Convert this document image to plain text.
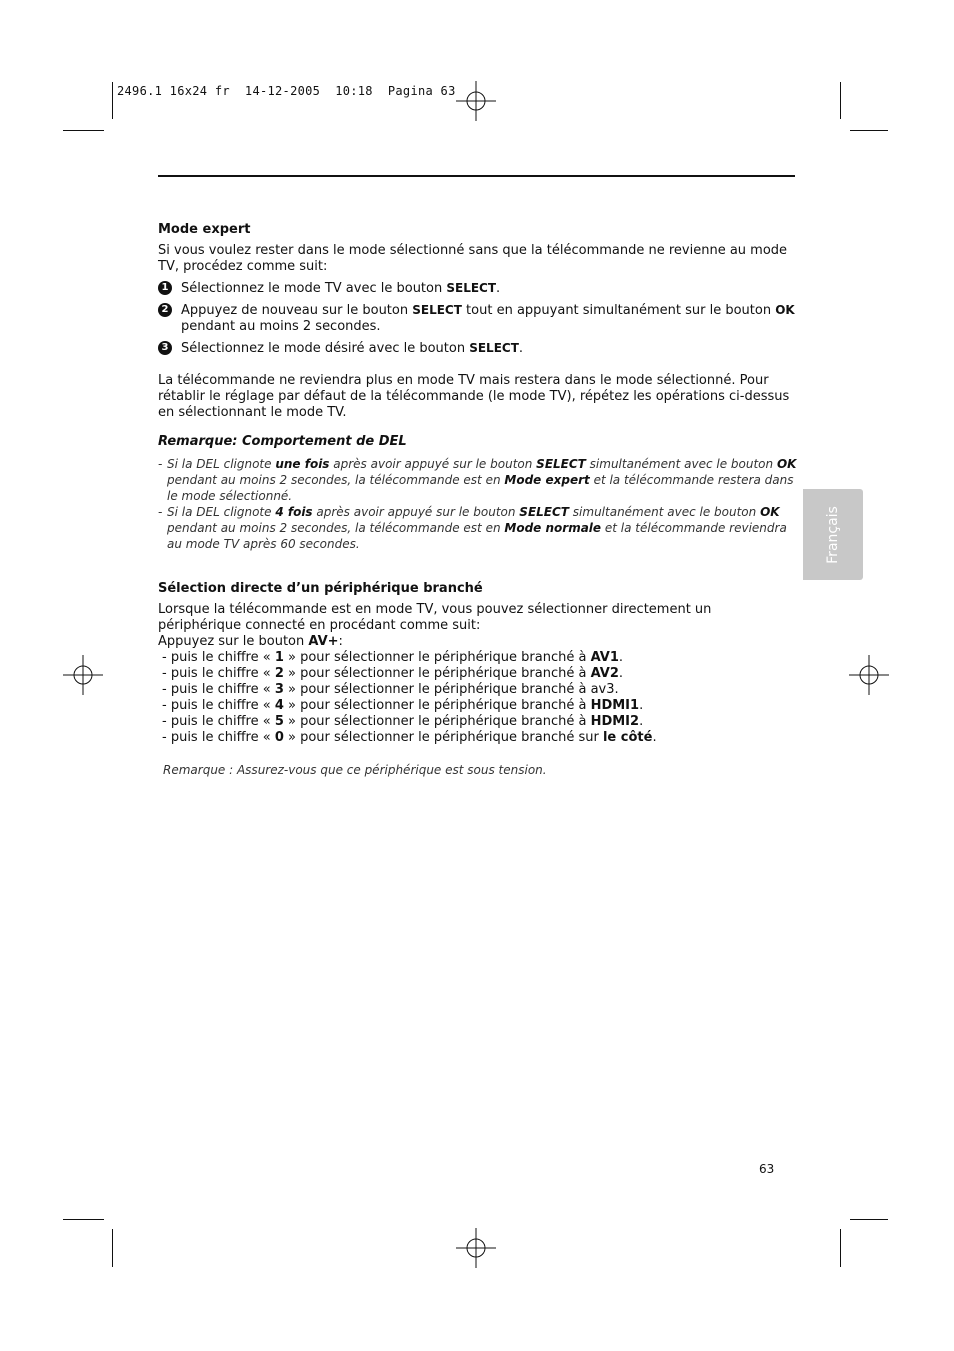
2496.1 16x24 fr  14-12-2005  10:18  Pagina 63
Français
Mode expert

Si vous voulez rester dans le mode sélectionné sans que la télécommande ne revienne au mode TV, procédez comme suit:

1 Sélectionnez le mode TV avec le bouton SELECT.
2 Appuyez de nouveau sur le bouton SELECT tout en appuyant simultanément sur le bouton OK pendant au moins 2 secondes.
3 Sélectionnez le mode désiré avec le bouton SELECT.

La télécommande ne reviendra plus en mode TV mais restera dans le mode sélectionné. Pour rétablir le réglage par défaut de la télécommande (le mode TV), répétez les opérations ci-dessus en sélectionnant le mode TV.

Remarque: Comportement de DEL

- Si la DEL clignote une fois après avoir appuyé sur le bouton SELECT simultanément avec le bouton OK pendant au moins 2 secondes, la télécommande est en Mode expert et la télécommande restera dans le mode sélectionné.
- Si la DEL clignote 4 fois après avoir appuyé sur le bouton SELECT simultanément avec le bouton OK pendant au moins 2 secondes, la télécommande est en Mode normale et la télécommande reviendra au mode TV après 60 secondes.
Sélection directe d’un périphérique branché

Lorsque la télécommande est en mode TV, vous pouvez sélectionner directement un périphérique connecté en procédant comme suit:

Appuyez sur le bouton AV+:

- puis le chiffre « 1 » pour sélectionner le périphérique branché à AV1.
- puis le chiffre « 2 » pour sélectionner le périphérique branché à AV2.
- puis le chiffre « 3 » pour sélectionner le périphérique branché à av3.
- puis le chiffre « 4 » pour sélectionner le périphérique branché à HDMI1.
- puis le chiffre « 5 » pour sélectionner le périphérique branché à HDMI2.
- puis le chiffre « 0 » pour sélectionner le périphérique branché sur le côté.

Remarque : Assurez-vous que ce périphérique est sous tension.

63
